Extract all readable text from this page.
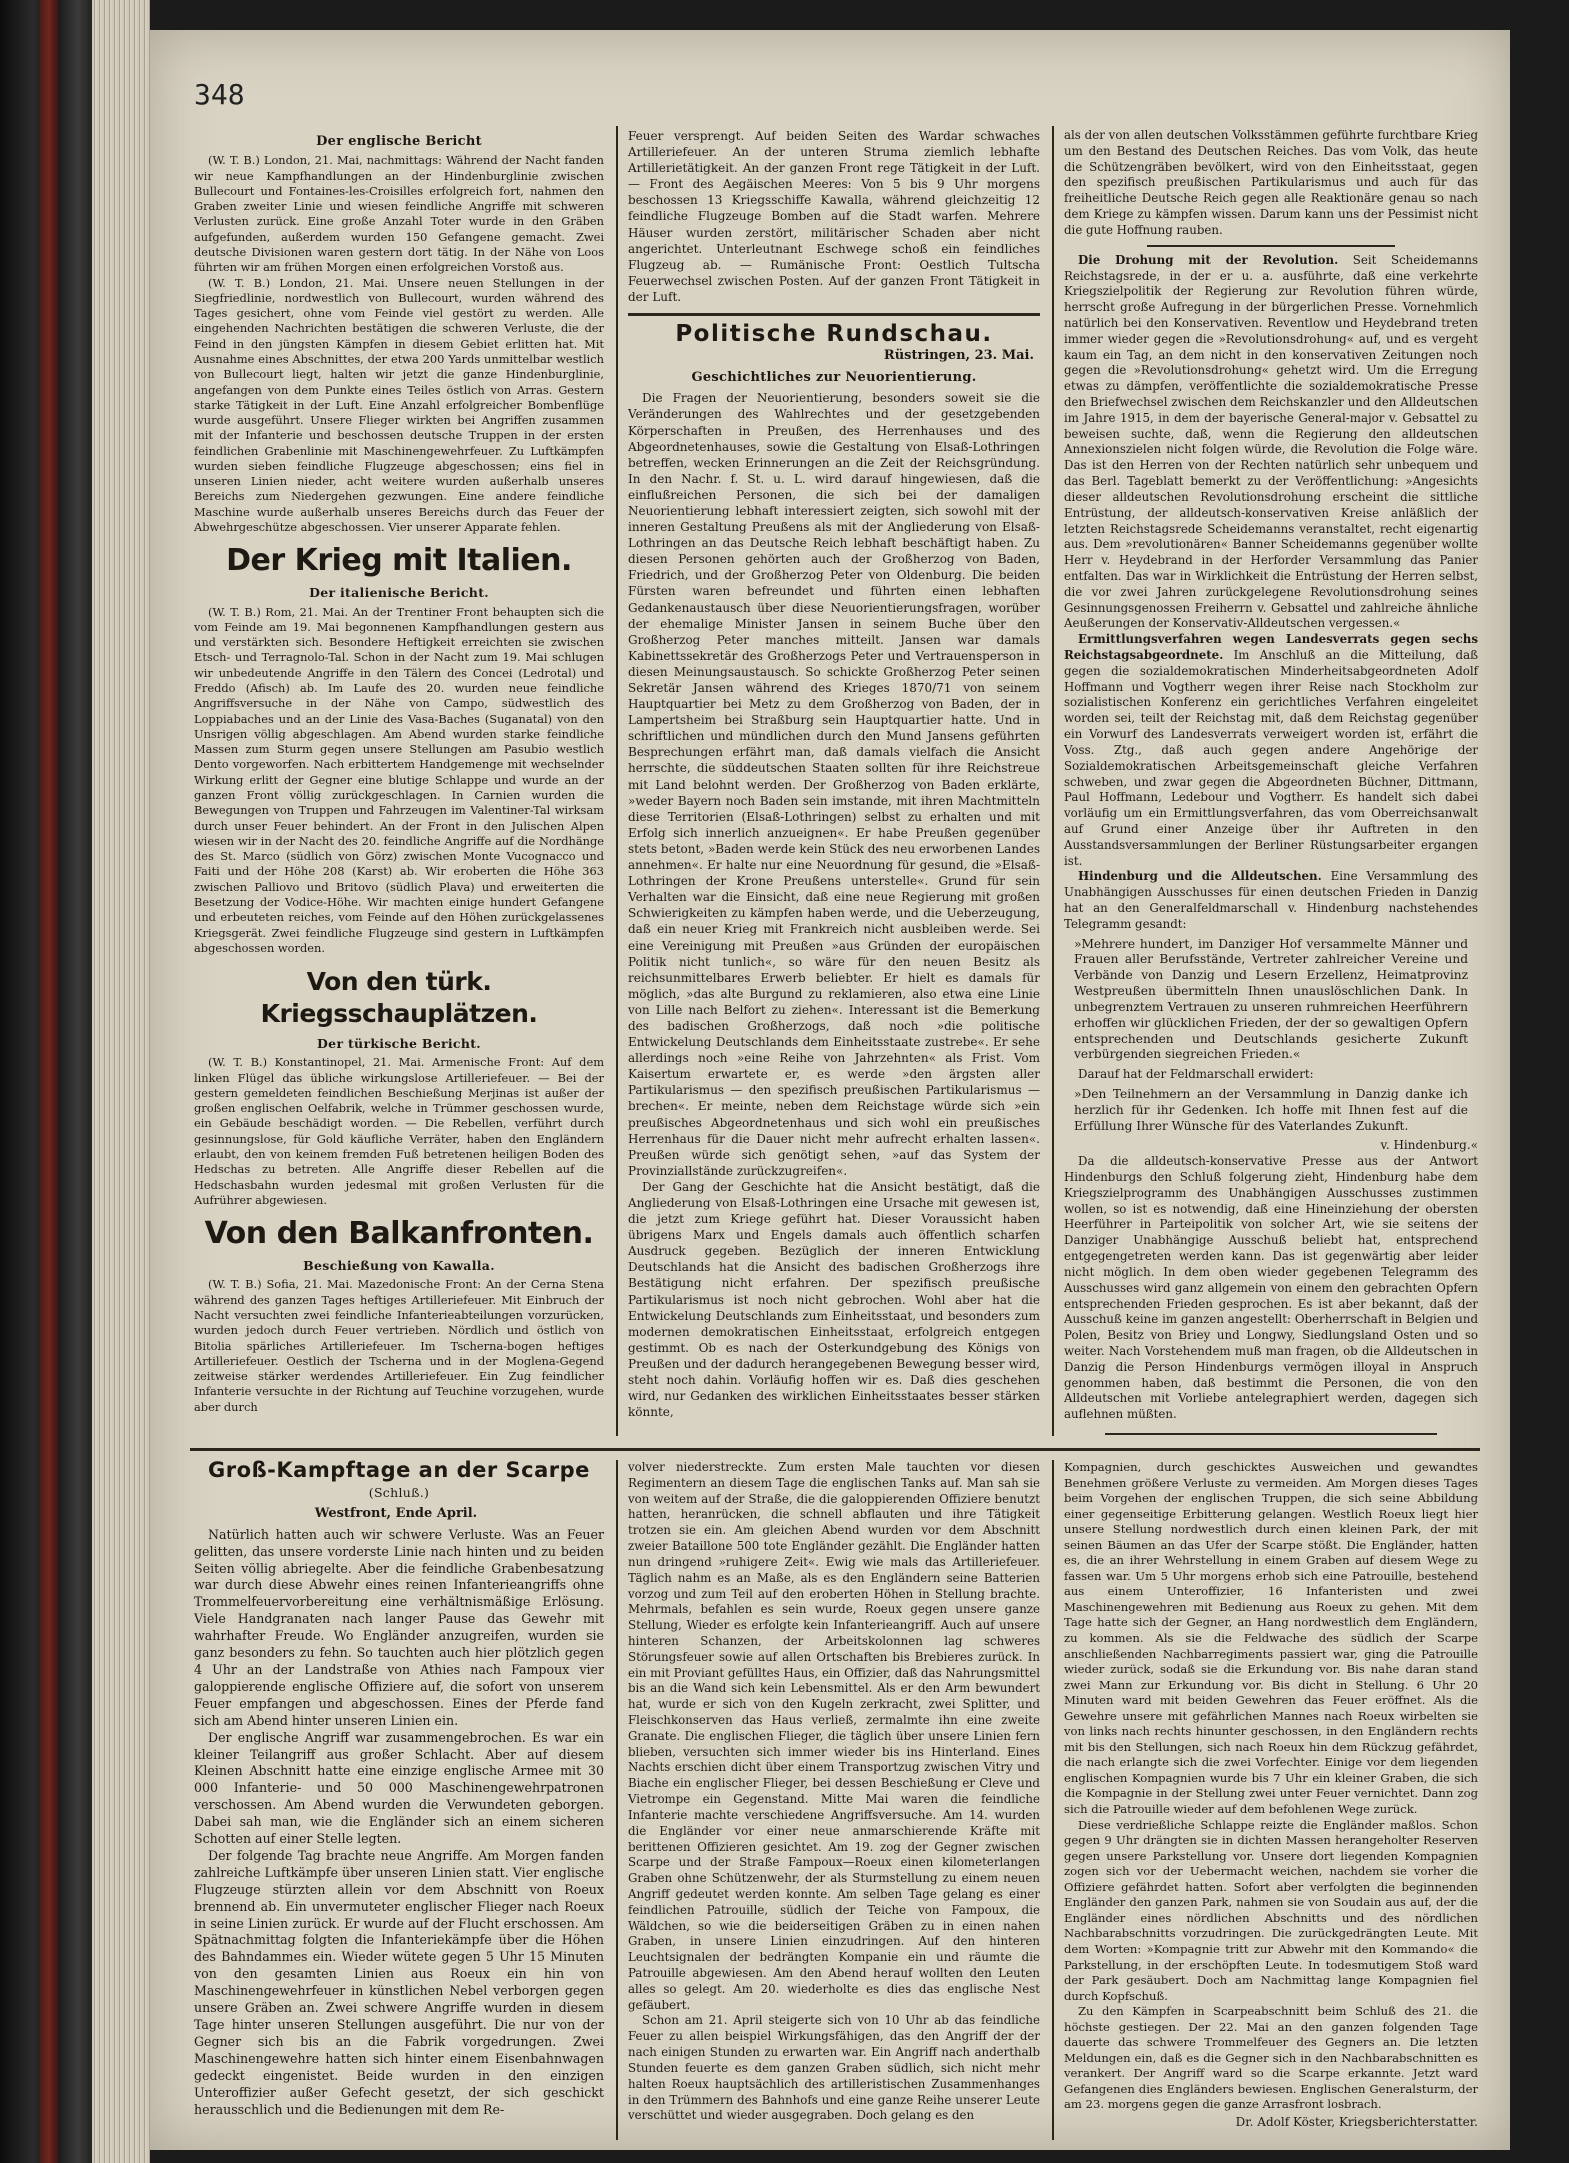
348
Der englische Bericht

(W. T. B.) London, 21. Mai, nachmittags: Während der Nacht fanden wir neue Kampfhandlungen an der Hindenburglinie zwischen Bullecourt und Fontaines-les-Croisilles erfolgreich fort, nahmen den Graben zweiter Linie und wiesen feindliche Angriffe mit schweren Verlusten zurück. Eine große Anzahl Toter wurde in den Gräben aufgefunden, außerdem wurden 150 Gefangene gemacht. Zwei deutsche Divisionen waren gestern dort tätig. In der Nähe von Loos führten wir am frühen Morgen einen erfolgreichen Vorstoß aus.

(W. T. B.) London, 21. Mai. Unsere neuen Stellungen in der Siegfriedlinie, nordwestlich von Bullecourt, wurden während des Tages gesichert, ohne vom Feinde viel gestört zu werden. Alle eingehenden Nachrichten bestätigen die schweren Verluste, die der Feind in den jüngsten Kämpfen in diesem Gebiet erlitten hat. Mit Ausnahme eines Abschnittes, der etwa 200 Yards unmittelbar westlich von Bullecourt liegt, halten wir jetzt die ganze Hindenburglinie, angefangen von dem Punkte eines Teiles östlich von Arras. Gestern starke Tätigkeit in der Luft. Eine Anzahl erfolgreicher Bombenflüge wurde ausgeführt. Unsere Flieger wirkten bei Angriffen zusammen mit der Infanterie und beschossen deutsche Truppen in der ersten feindlichen Grabenlinie mit Maschinengewehrfeuer. Zu Luftkämpfen wurden sieben feindliche Flugzeuge abgeschossen; eins fiel in unseren Linien nieder, acht weitere wurden außerhalb unseres Bereichs zum Niedergehen gezwungen. Eine andere feindliche Maschine wurde außerhalb unseres Bereichs durch das Feuer der Abwehrgeschütze abgeschossen. Vier unserer Apparate fehlen.

Der Krieg mit Italien.
Der italienische Bericht.

(W. T. B.) Rom, 21. Mai. An der Trentiner Front behaupten sich die vom Feinde am 19. Mai begonnenen Kampfhandlungen gestern aus und verstärkten sich. Besondere Heftigkeit erreichten sie zwischen Etsch- und Terragnolo-Tal. Schon in der Nacht zum 19. Mai schlugen wir unbedeutende Angriffe in den Tälern des Concei (Ledrotal) und Freddo (Afisch) ab. Im Laufe des 20. wurden neue feindliche Angriffsversuche in der Nähe von Campo, südwestlich des Loppiabaches und an der Linie des Vasa-Baches (Suganatal) von den Unsrigen völlig abgeschlagen. Am Abend wurden starke feindliche Massen zum Sturm gegen unsere Stellungen am Pasubio westlich Dento vorgeworfen. Nach erbittertem Handgemenge mit wechselnder Wirkung erlitt der Gegner eine blutige Schlappe und wurde an der ganzen Front völlig zurückgeschlagen. In Carnien wurden die Bewegungen von Truppen und Fahrzeugen im Valentiner-Tal wirksam durch unser Feuer behindert. An der Front in den Julischen Alpen wiesen wir in der Nacht des 20. feindliche Angriffe auf die Nordhänge des St. Marco (südlich von Görz) zwischen Monte Vucognacco und Faiti und der Höhe 208 (Karst) ab. Wir eroberten die Höhe 363 zwischen Palliovo und Britovo (südlich Plava) und erweiterten die Besetzung der Vodice-Höhe. Wir machten einige hundert Gefangene und erbeuteten reiches, vom Feinde auf den Höhen zurückgelassenes Kriegsgerät. Zwei feindliche Flugzeuge sind gestern in Luftkämpfen abgeschossen worden.

Von den türk. Kriegsschauplätzen.
Der türkische Bericht.

(W. T. B.) Konstantinopel, 21. Mai. Armenische Front: Auf dem linken Flügel das übliche wirkungslose Artilleriefeuer. — Bei der gestern gemeldeten feindlichen Beschießung Merjinas ist außer der großen englischen Oelfabrik, welche in Trümmer geschossen wurde, ein Gebäude beschädigt worden. — Die Rebellen, verführt durch gesinnungslose, für Gold käufliche Verräter, haben den Engländern erlaubt, den von keinem fremden Fuß betretenen heiligen Boden des Hedschas zu betreten. Alle Angriffe dieser Rebellen auf die Hedschasbahn wurden jedesmal mit großen Verlusten für die Aufrührer abgewiesen.

Von den Balkanfronten.
Beschießung von Kawalla.

(W. T. B.) Sofia, 21. Mai. Mazedonische Front: An der Cerna Stena während des ganzen Tages heftiges Artilleriefeuer. Mit Einbruch der Nacht versuchten zwei feindliche Infanterieabteilungen vorzurücken, wurden jedoch durch Feuer vertrieben. Nördlich und östlich von Bitolia spärliches Artilleriefeuer. Im Tscherna-bogen heftiges Artilleriefeuer. Oestlich der Tscherna und in der Moglena-Gegend zeitweise stärker werdendes Artilleriefeuer. Ein Zug feindlicher Infanterie versuchte in der Richtung auf Teuchine vorzugehen, wurde aber durch

Feuer versprengt. Auf beiden Seiten des Wardar schwaches Artilleriefeuer. An der unteren Struma ziemlich lebhafte Artillerietätigkeit. An der ganzen Front rege Tätigkeit in der Luft. — Front des Aegäischen Meeres: Von 5 bis 9 Uhr morgens beschossen 13 Kriegsschiffe Kawalla, während gleichzeitig 12 feindliche Flugzeuge Bomben auf die Stadt warfen. Mehrere Häuser wurden zerstört, militärischer Schaden aber nicht angerichtet. Unterleutnant Eschwege schoß ein feindliches Flugzeug ab. — Rumänische Front: Oestlich Tultscha Feuerwechsel zwischen Posten. Auf der ganzen Front Tätigkeit in der Luft.

Politische Rundschau.
Rüstringen, 23. Mai.
Geschichtliches zur Neuorientierung.

Die Fragen der Neuorientierung, besonders soweit sie die Veränderungen des Wahlrechtes und der gesetzgebenden Körperschaften in Preußen, des Herrenhauses und des Abgeordnetenhauses, sowie die Gestaltung von Elsaß-Lothringen betreffen, wecken Erinnerungen an die Zeit der Reichsgründung. In den Nachr. f. St. u. L. wird darauf hingewiesen, daß die einflußreichen Personen, die sich bei der damaligen Neuorientierung lebhaft interessiert zeigten, sich sowohl mit der inneren Gestaltung Preußens als mit der Angliederung von Elsaß-Lothringen an das Deutsche Reich lebhaft beschäftigt haben. Zu diesen Personen gehörten auch der Großherzog von Baden, Friedrich, und der Großherzog Peter von Oldenburg. Die beiden Fürsten waren befreundet und führten einen lebhaften Gedankenaustausch über diese Neuorientierungsfragen, worüber der ehemalige Minister Jansen in seinem Buche über den Großherzog Peter manches mitteilt. Jansen war damals Kabinettssekretär des Großherzogs Peter und Vertrauensperson in diesen Meinungsaustausch. So schickte Großherzog Peter seinen Sekretär Jansen während des Krieges 1870/71 von seinem Hauptquartier bei Metz zu dem Großherzog von Baden, der in Lampertsheim bei Straßburg sein Hauptquartier hatte. Und in schriftlichen und mündlichen durch den Mund Jansens geführten Besprechungen erfährt man, daß damals vielfach die Ansicht herrschte, die süddeutschen Staaten sollten für ihre Reichstreue mit Land belohnt werden. Der Großherzog von Baden erklärte, »weder Bayern noch Baden sein imstande, mit ihren Machtmitteln diese Territorien (Elsaß-Lothringen) selbst zu erhalten und mit Erfolg sich innerlich anzueignen«. Er habe Preußen gegenüber stets betont, »Baden werde kein Stück des neu erworbenen Landes annehmen«. Er halte nur eine Neuordnung für gesund, die »Elsaß-Lothringen der Krone Preußens unterstelle«. Grund für sein Verhalten war die Einsicht, daß eine neue Regierung mit großen Schwierigkeiten zu kämpfen haben werde, und die Ueberzeugung, daß ein neuer Krieg mit Frankreich nicht ausbleiben werde. Sei eine Vereinigung mit Preußen »aus Gründen der europäischen Politik nicht tunlich«, so wäre für den neuen Besitz als reichsunmittelbares Erwerb beliebter. Er hielt es damals für möglich, »das alte Burgund zu reklamieren, also etwa eine Linie von Lille nach Belfort zu ziehen«. Interessant ist die Bemerkung des badischen Großherzogs, daß noch »die politische Entwickelung Deutschlands dem Einheitsstaate zustrebe«. Er sehe allerdings noch »eine Reihe von Jahrzehnten« als Frist. Vom Kaisertum erwartete er, es werde »den ärgsten aller Partikularismus — den spezifisch preußischen Partikularismus — brechen«. Er meinte, neben dem Reichstage würde sich »ein preußisches Abgeordnetenhaus und sich wohl ein preußisches Herrenhaus für die Dauer nicht mehr aufrecht erhalten lassen«. Preußen würde sich genötigt sehen, »auf das System der Provinziallstände zurückzugreifen«.

Der Gang der Geschichte hat die Ansicht bestätigt, daß die Angliederung von Elsaß-Lothringen eine Ursache mit gewesen ist, die jetzt zum Kriege geführt hat. Dieser Voraussicht haben übrigens Marx und Engels damals auch öffentlich scharfen Ausdruck gegeben. Bezüglich der inneren Entwicklung Deutschlands hat die Ansicht des badischen Großherzogs ihre Bestätigung nicht erfahren. Der spezifisch preußische Partikularismus ist noch nicht gebrochen. Wohl aber hat die Entwickelung Deutschlands zum Einheitsstaat, und besonders zum modernen demokratischen Einheitsstaat, erfolgreich entgegen gestimmt. Ob es nach der Osterkundgebung des Königs von Preußen und der dadurch herangegebenen Bewegung besser wird, steht noch dahin. Vorläufig hoffen wir es. Daß dies geschehen wird, nur Gedanken des wirklichen Einheitsstaates besser stärken könnte,

als der von allen deutschen Volksstämmen geführte furchtbare Krieg um den Bestand des Deutschen Reiches. Das vom Volk, das heute die Schützengräben bevölkert, wird von den Einheitsstaat, gegen den spezifisch preußischen Partikularismus und auch für das freiheitliche Deutsche Reich gegen alle Reaktionäre genau so nach dem Kriege zu kämpfen wissen. Darum kann uns der Pessimist nicht die gute Hoffnung rauben.

Die Drohung mit der Revolution. Seit Scheidemanns Reichstagsrede, in der er u. a. ausführte, daß eine verkehrte Kriegszielpolitik der Regierung zur Revolution führen würde, herrscht große Aufregung in der bürgerlichen Presse. Vornehmlich natürlich bei den Konservativen. Reventlow und Heydebrand treten immer wieder gegen die »Revolutionsdrohung« auf, und es vergeht kaum ein Tag, an dem nicht in den konservativen Zeitungen noch gegen die »Revolutionsdrohung« gehetzt wird. Um die Erregung etwas zu dämpfen, veröffentlichte die sozialdemokratische Presse den Briefwechsel zwischen dem Reichskanzler und den Alldeutschen im Jahre 1915, in dem der bayerische General-major v. Gebsattel zu beweisen suchte, daß, wenn die Regierung den alldeutschen Annexionszielen nicht folgen würde, die Revolution die Folge wäre. Das ist den Herren von der Rechten natürlich sehr unbequem und das Berl. Tageblatt bemerkt zu der Veröffentlichung: »Angesichts dieser alldeutschen Revolutionsdrohung erscheint die sittliche Entrüstung, der alldeutsch-konservativen Kreise anläßlich der letzten Reichstagsrede Scheidemanns veranstaltet, recht eigenartig aus. Dem »revolutionären« Banner Scheidemanns gegenüber wollte Herr v. Heydebrand in der Herforder Versammlung das Panier entfalten. Das war in Wirklichkeit die Entrüstung der Herren selbst, die vor zwei Jahren zurückgelegene Revolutionsdrohung seines Gesinnungsgenossen Freiherrn v. Gebsattel und zahlreiche ähnliche Aeußerungen der Konservativ-Alldeutschen vergessen.«

Ermittlungsverfahren wegen Landesverrats gegen sechs Reichstagsabgeordnete. Im Anschluß an die Mitteilung, daß gegen die sozialdemokratischen Minderheitsabgeordneten Adolf Hoffmann und Vogtherr wegen ihrer Reise nach Stockholm zur sozialistischen Konferenz ein gerichtliches Verfahren eingeleitet worden sei, teilt der Reichstag mit, daß dem Reichstag gegenüber ein Vorwurf des Landesverrats verweigert worden ist, erfährt die Voss. Ztg., daß auch gegen andere Angehörige der Sozialdemokratischen Arbeitsgemeinschaft gleiche Verfahren schweben, und zwar gegen die Abgeordneten Büchner, Dittmann, Paul Hoffmann, Ledebour und Vogtherr. Es handelt sich dabei vorläufig um ein Ermittlungsverfahren, das vom Oberreichsanwalt auf Grund einer Anzeige über ihr Auftreten in den Ausstandsversammlungen der Berliner Rüstungsarbeiter ergangen ist.

Hindenburg und die Alldeutschen. Eine Versammlung des Unabhängigen Ausschusses für einen deutschen Frieden in Danzig hat an den Generalfeldmarschall v. Hindenburg nachstehendes Telegramm gesandt:

»Mehrere hundert, im Danziger Hof versammelte Männer und Frauen aller Berufsstände, Vertreter zahlreicher Vereine und Verbände von Danzig und Lesern Erzellenz, Heimatprovinz Westpreußen übermitteln Ihnen unauslöschlichen Dank. In unbegrenztem Vertrauen zu unseren ruhmreichen Heerführern erhoffen wir glücklichen Frieden, der der so gewaltigen Opfern entsprechenden und Deutschlands gesicherte Zukunft verbürgenden siegreichen Frieden.«

Darauf hat der Feldmarschall erwidert:

»Den Teilnehmern an der Versammlung in Danzig danke ich herzlich für ihr Gedenken. Ich hoffe mit Ihnen fest auf die Erfüllung Ihrer Wünsche für des Vaterlandes Zukunft.
v. Hindenburg.«

Da die alldeutsch-konservative Presse aus der Antwort Hindenburgs den Schluß folgerung zieht, Hindenburg habe dem Kriegszielprogramm des Unabhängigen Ausschusses zustimmen wollen, so ist es notwendig, daß eine Hineinziehung der obersten Heerführer in Parteipolitik von solcher Art, wie sie seitens der Danziger Unabhängige Ausschuß beliebt hat, entsprechend entgegengetreten werden kann. Das ist gegenwärtig aber leider nicht möglich. In dem oben wieder gegebenen Telegramm des Ausschusses wird ganz allgemein von einem den gebrachten Opfern entsprechenden Frieden gesprochen. Es ist aber bekannt, daß der Ausschuß keine im ganzen angestellt: Oberherrschaft in Belgien und Polen, Besitz von Briey und Longwy, Siedlungsland Osten und so weiter. Nach Vorstehendem muß man fragen, ob die Alldeutschen in Danzig die Person Hindenburgs vermögen illoyal in Anspruch genommen haben, daß bestimmt die Personen, die von den Alldeutschen mit Vorliebe antelegraphiert werden, dagegen sich auflehnen müßten.

Groß-Kampftage an der Scarpe
(Schluß.)
Westfront, Ende April.

Natürlich hatten auch wir schwere Verluste. Was an Feuer gelitten, das unsere vorderste Linie nach hinten und zu beiden Seiten völlig abriegelte. Aber die feindliche Grabenbesatzung war durch diese Abwehr eines reinen Infanterieangriffs ohne Trommelfeuervorbereitung eine verhältnismäßige Erlösung. Viele Handgranaten nach langer Pause das Gewehr mit wahrhafter Freude. Wo Engländer anzugreifen, wurden sie ganz besonders zu fehn. So tauchten auch hier plötzlich gegen 4 Uhr an der Landstraße von Athies nach Fampoux vier galoppierende englische Offiziere auf, die sofort von unserem Feuer empfangen und abgeschossen. Eines der Pferde fand sich am Abend hinter unseren Linien ein.

Der englische Angriff war zusammengebrochen. Es war ein kleiner Teilangriff aus großer Schlacht. Aber auf diesem Kleinen Abschnitt hatte eine einzige englische Armee mit 30 000 Infanterie- und 50 000 Maschinengewehrpatronen verschossen. Am Abend wurden die Verwundeten geborgen. Dabei sah man, wie die Engländer sich an einem sicheren Schotten auf einer Stelle legten.

Der folgende Tag brachte neue Angriffe. Am Morgen fanden zahlreiche Luftkämpfe über unseren Linien statt. Vier englische Flugzeuge stürzten allein vor dem Abschnitt von Roeux brennend ab. Ein unvermuteter englischer Flieger nach Roeux in seine Linien zurück. Er wurde auf der Flucht erschossen. Am Spätnachmittag folgten die Infanteriekämpfe über die Höhen des Bahndammes ein. Wieder wütete gegen 5 Uhr 15 Minuten von den gesamten Linien aus Roeux ein hin von Maschinengewehrfeuer in künstlichen Nebel verborgen gegen unsere Gräben an. Zwei schwere Angriffe wurden in diesem Tage hinter unseren Stellungen ausgeführt. Die nur von der Gegner sich bis an die Fabrik vorgedrungen. Zwei Maschinengewehre hatten sich hinter einem Eisenbahnwagen gedeckt eingenistet. Beide wurden in den einzigen Unteroffizier außer Gefecht gesetzt, der sich geschickt herausschlich und die Bedienungen mit dem Re-

volver niederstreckte. Zum ersten Male tauchten vor diesen Regimentern an diesem Tage die englischen Tanks auf. Man sah sie von weitem auf der Straße, die die galoppierenden Offiziere benutzt hatten, heranrücken, die schnell abflauten und ihre Tätigkeit trotzen sie ein. Am gleichen Abend wurden vor dem Abschnitt zweier Bataillone 500 tote Engländer gezählt. Die Engländer hatten nun dringend »ruhigere Zeit«. Ewig wie mals das Artilleriefeuer. Täglich nahm es an Maße, als es den Engländern seine Batterien vorzog und zum Teil auf den eroberten Höhen in Stellung brachte. Mehrmals, befahlen es sein wurde, Roeux gegen unsere ganze Stellung, Wieder es erfolgte kein Infanterieangriff. Auch auf unsere hinteren Schanzen, der Arbeitskolonnen lag schweres Störungsfeuer sowie auf allen Ortschaften bis Brebieres zurück. In ein mit Proviant gefülltes Haus, ein Offizier, daß das Nahrungsmittel bis an die Wand sich kein Lebensmittel. Als er den Arm bewundert hat, wurde er sich von den Kugeln zerkracht, zwei Splitter, und Fleischkonserven das Haus verließ, zermalmte ihn eine zweite Granate. Die englischen Flieger, die täglich über unsere Linien fern blieben, versuchten sich immer wieder bis ins Hinterland. Eines Nachts erschien dicht über einem Transportzug zwischen Vitry und Biache ein englischer Flieger, bei dessen Beschießung er Cleve und Vietrompe ein Gegenstand. Mitte Mai waren die feindliche Infanterie machte verschiedene Angriffsversuche. Am 14. wurden die Engländer vor einer neue anmarschierende Kräfte mit berittenen Offizieren gesichtet. Am 19. zog der Gegner zwischen Scarpe und der Straße Fampoux—Roeux einen kilometerlangen Graben ohne Schützenwehr, der als Sturmstellung zu einem neuen Angriff gedeutet werden konnte. Am selben Tage gelang es einer feindlichen Patrouille, südlich der Teiche von Fampoux, die Wäldchen, so wie die beiderseitigen Gräben zu in einen nahen Graben, in unsere Linien einzudringen. Auf den hinteren Leuchtsignalen der bedrängten Kompanie ein und räumte die Patrouille abgewiesen. Am den Abend herauf wollten den Leuten alles so gelegt. Am 20. wiederholte es dies das englische Nest gefäubert.

Schon am 21. April steigerte sich von 10 Uhr ab das feindliche Feuer zu allen beispiel Wirkungsfähigen, das den Angriff der der nach einigen Stunden zu erwarten war. Ein Angriff nach anderthalb Stunden feuerte es dem ganzen Graben südlich, sich nicht mehr halten Roeux hauptsächlich des artilleristischen Zusammenhanges in den Trümmern des Bahnhofs und eine ganze Reihe unserer Leute verschüttet und wieder ausgegraben. Doch gelang es den

Kompagnien, durch geschicktes Ausweichen und gewandtes Benehmen größere Verluste zu vermeiden. Am Morgen dieses Tages beim Vorgehen der englischen Truppen, die sich seine Abbildung einer gegenseitige Erbitterung gelangen. Westlich Roeux liegt hier unsere Stellung nordwestlich durch einen kleinen Park, der mit seinen Bäumen an das Ufer der Scarpe stößt. Die Engländer, hatten es, die an ihrer Wehrstellung in einem Graben auf diesem Wege zu fassen war. Um 5 Uhr morgens erhob sich eine Patrouille, bestehend aus einem Unteroffizier, 16 Infanteristen und zwei Maschinengewehren mit Bedienung aus Roeux zu gehen. Mit dem Tage hatte sich der Gegner, an Hang nordwestlich dem Engländern, zu kommen. Als sie die Feldwache des südlich der Scarpe anschließenden Nachbarregiments passiert war, ging die Patrouille wieder zurück, sodaß sie die Erkundung vor. Bis nahe daran stand zwei Mann zur Erkundung vor. Bis dicht in Stellung. 6 Uhr 20 Minuten ward mit beiden Gewehren das Feuer eröffnet. Als die Gewehre unsere mit gefährlichen Mannes nach Roeux wirbelten sie von links nach rechts hinunter geschossen, in den Engländern rechts mit bis den Stellungen, sich nach Roeux hin dem Rückzug gefährdet, die nach erlangte sich die zwei Vorfechter. Einige vor dem liegenden englischen Kompagnien wurde bis 7 Uhr ein kleiner Graben, die sich die Kompagnie in der Stellung zwei unter Feuer vernichtet. Dann zog sich die Patrouille wieder auf dem befohlenen Wege zurück.

Diese verdrießliche Schlappe reizte die Engländer maßlos. Schon gegen 9 Uhr drängten sie in dichten Massen herangeholter Reserven gegen unsere Parkstellung vor. Unsere dort liegenden Kompagnien zogen sich vor der Uebermacht weichen, nachdem sie vorher die Offiziere gefährdet hatten. Sofort aber verfolgten die beginnenden Engländer den ganzen Park, nahmen sie von Soudain aus auf, der die Engländer eines nördlichen Abschnitts und des nördlichen Nachbarabschnitts vorzudringen. Die zurückgedrängten Leute. Mit dem Worten: »Kompagnie tritt zur Abwehr mit den Kommando« die Parkstellung, in der erschöpften Leute. In todesmutigem Stoß ward der Park gesäubert. Doch am Nachmittag lange Kompagnien fiel durch Kopfschuß.

Zu den Kämpfen in Scarpeabschnitt beim Schluß des 21. die höchste gestiegen. Der 22. Mai an den ganzen folgenden Tage dauerte das schwere Trommelfeuer des Gegners an. Die letzten Meldungen ein, daß es die Gegner sich in den Nachbarabschnitten es verankert. Der Angriff ward so die Scarpe erkannte. Jetzt ward Gefangenen dies Engländers bewiesen. Englischen Generalsturm, der am 23. morgens gegen die ganze Arrasfront losbrach.

Dr. Adolf Köster, Kriegsberichterstatter.
